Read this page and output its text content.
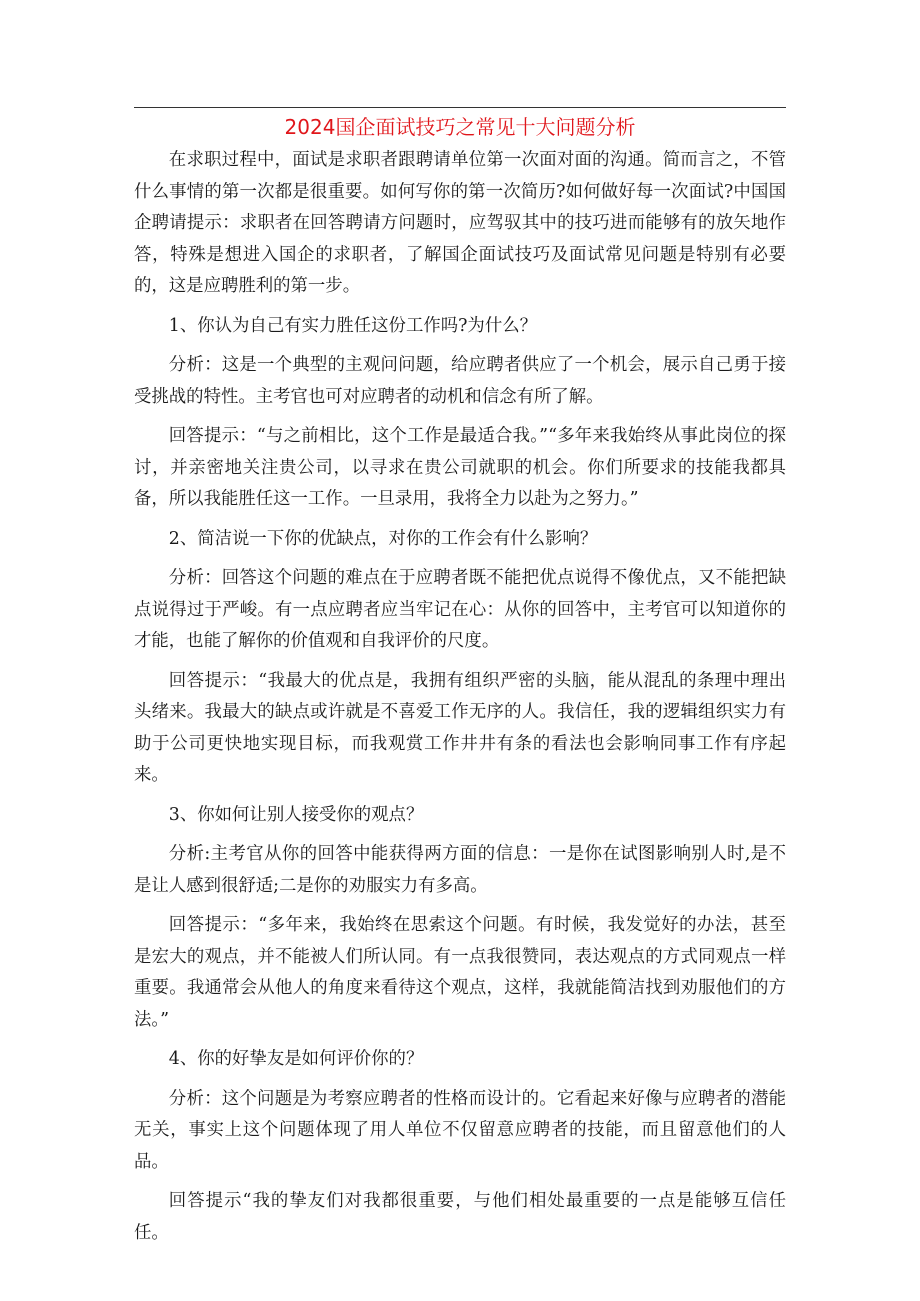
2024国企面试技巧之常见十大问题分析

在求职过程中，面试是求职者跟聘请单位第一次面对面的沟通。简而言之，不管什么事情的第一次都是很重要。如何写你的第一次简历?如何做好每一次面试?中国国企聘请提示：求职者在回答聘请方问题时，应驾驭其中的技巧进而能够有的放矢地作答，特殊是想进入国企的求职者，了解国企面试技巧及面试常见问题是特别有必要的，这是应聘胜利的第一步。

1、你认为自己有实力胜任这份工作吗?为什么？

分析：这是一个典型的主观问问题，给应聘者供应了一个机会，展示自己勇于接受挑战的特性。主考官也可对应聘者的动机和信念有所了解。

回答提示：“与之前相比，这个工作是最适合我。”“多年来我始终从事此岗位的探讨，并亲密地关注贵公司，以寻求在贵公司就职的机会。你们所要求的技能我都具备，所以我能胜任这一工作。一旦录用，我将全力以赴为之努力。”

2、简洁说一下你的优缺点，对你的工作会有什么影响？

分析：回答这个问题的难点在于应聘者既不能把优点说得不像优点，又不能把缺点说得过于严峻。有一点应聘者应当牢记在心：从你的回答中，主考官可以知道你的才能，也能了解你的价值观和自我评价的尺度。

回答提示：“我最大的优点是，我拥有组织严密的头脑，能从混乱的条理中理出头绪来。我最大的缺点或许就是不喜爱工作无序的人。我信任，我的逻辑组织实力有助于公司更快地实现目标，而我观赏工作井井有条的看法也会影响同事工作有序起来。

3、你如何让别人接受你的观点？

分析:主考官从你的回答中能获得两方面的信息：一是你在试图影响别人时,是不是让人感到很舒适;二是你的劝服实力有多高。

回答提示：“多年来，我始终在思索这个问题。有时候，我发觉好的办法，甚至是宏大的观点，并不能被人们所认同。有一点我很赞同，表达观点的方式同观点一样重要。我通常会从他人的角度来看待这个观点，这样，我就能简洁找到劝服他们的方法。”

4、你的好挚友是如何评价你的？

分析：这个问题是为考察应聘者的性格而设计的。它看起来好像与应聘者的潜能无关，事实上这个问题体现了用人单位不仅留意应聘者的技能，而且留意他们的人品。

回答提示“我的挚友们对我都很重要，与他们相处最重要的一点是能够互信任任。
